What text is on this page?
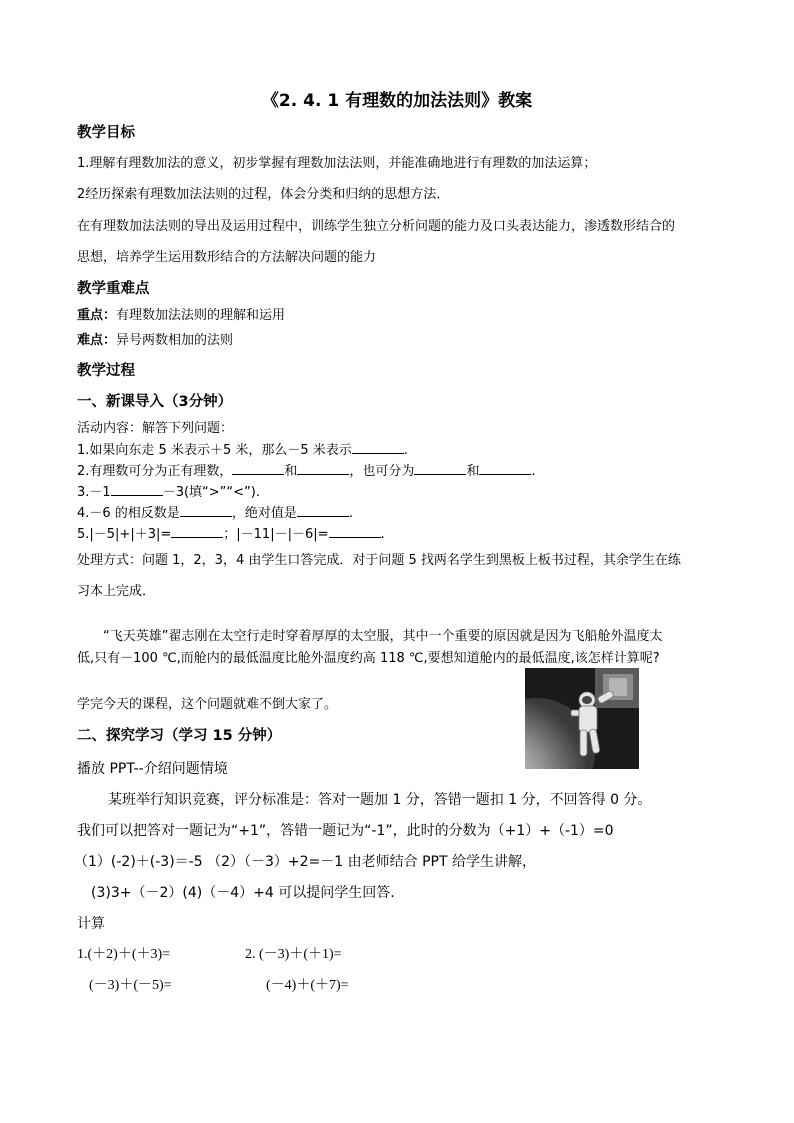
《2. 4. 1 有理数的加法法则》教案
教学目标
1.理解有理数加法的意义，初步掌握有理数加法法则，并能准确地进行有理数的加法运算；
2经历探索有理数加法法则的过程，体会分类和归纳的思想方法．
在有理数加法法则的导出及运用过程中，训练学生独立分析问题的能力及口头表达能力，渗透数形结合的
思想，培养学生运用数形结合的方法解决问题的能力
教学重难点
重点：有理数加法法则的理解和运用
难点：异号两数相加的法则
教学过程
一、新课导入（3分钟）
活动内容：解答下列问题：
1.如果向东走 5 米表示＋5 米，那么－5 米表示	.
2.有理数可分为正有理数，	和	，也可分为	和	.
3.－1	－3(填“>”“<”).
4.－6 的相反数是	，绝对值是	.
5.|－5|+|＋3|=	；|－11|－|－6|=	.
处理方式：问题 1，2，3，4 由学生口答完成．对于问题 5 找两名学生到黑板上板书过程，其余学生在练
习本上完成．
“飞天英雄”翟志刚在太空行走时穿着厚厚的太空服，其中一个重要的原因就是因为飞船舱外温度太
低,只有－100 ℃,而舱内的最低温度比舱外温度约高 118 ℃,要想知道舱内的最低温度,该怎样计算呢?
学完今天的课程，这个问题就难不倒大家了。
二、探究学习（学习 15 分钟）
播放 PPT--介绍问题情境
某班举行知识竞赛，评分标准是：答对一题加 1 分，答错一题扣 1 分，不回答得 0 分。
我们可以把答对一题记为“+1”，答错一题记为“-1”，此时的分数为（+1）+（-1）=0
（1）(-2)＋(-3)＝-5 （2）（－3）+2=－1 由老师结合 PPT 给学生讲解，
(3)3+（－2）(4)（－4）+4 可以提问学生回答.
计算
1.(＋2)＋(＋3)=	2. (－3)＋(＋1)=
(－3)＋(－5)=	(－4)＋(＋7)=
